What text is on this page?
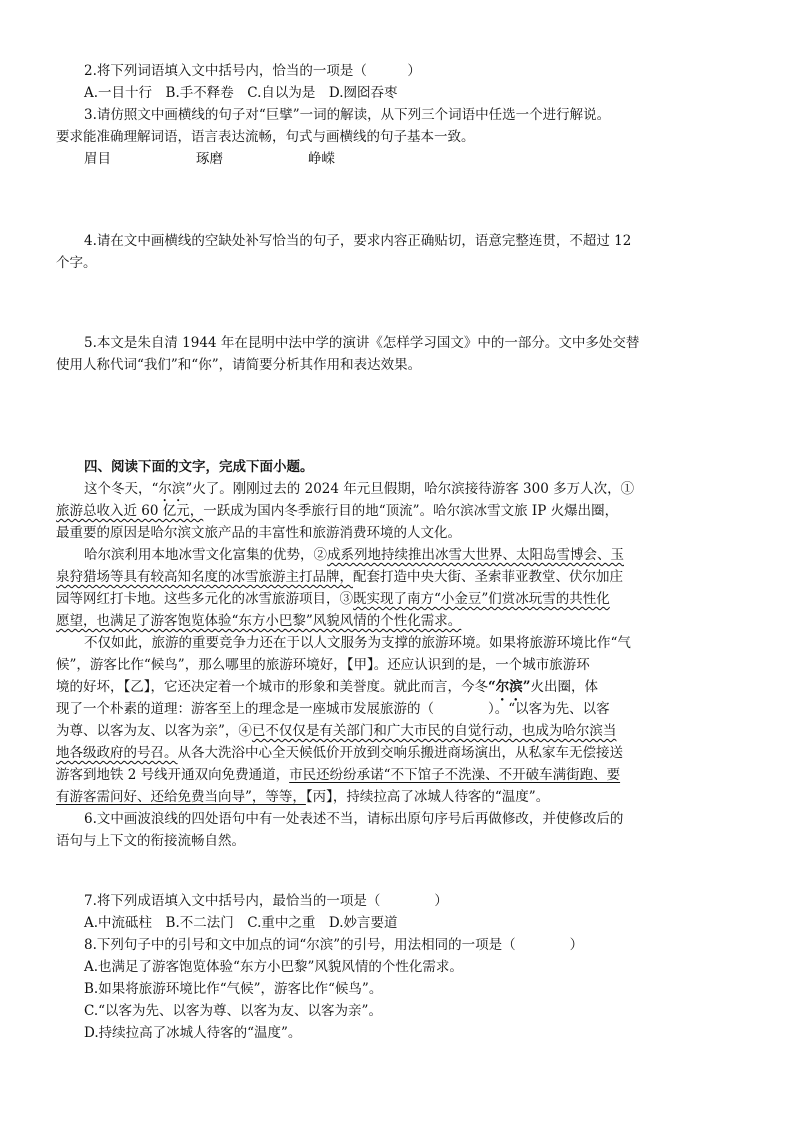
2.将下列词语填入文中括号内，恰当的一项是（　　　）
A.一目十行　B.手不释卷　C.自以为是　D.囫囵吞枣
3.请仿照文中画横线的句子对“巨擘”一词的解读，从下列三个词语中任选一个进行解说。
要求能准确理解词语，语言表达流畅，句式与画横线的句子基本一致。
眉目	琢磨	峥嵘
4.请在文中画横线的空缺处补写恰当的句子，要求内容正确贴切，语意完整连贯，不超过 12
个字。
5.本文是朱自清 1944 年在昆明中法中学的演讲《怎样学习国文》中的一部分。文中多处交替
使用人称代词“我们”和“你”，请简要分析其作用和表达效果。
四、阅读下面的文字，完成下面小题。
这个冬天，“尔滨”火了。刚刚过去的 2024 年元旦假期，哈尔滨接待游客 300 多万人次，①
旅游总收入近 60 亿元，一跃成为国内冬季旅行目的地“顶流”。哈尔滨冰雪文旅 IP 火爆出圈，
最重要的原因是哈尔滨文旅产品的丰富性和旅游消费环境的人文化。
哈尔滨利用本地冰雪文化富集的优势，②成系列地持续推出冰雪大世界、太阳岛雪博会、玉
泉狩猎场等具有较高知名度的冰雪旅游主打品牌，配套打造中央大街、圣索菲亚教堂、伏尔加庄
园等网红打卡地。这些多元化的冰雪旅游项目，③既实现了南方“小金豆”们赏冰玩雪的共性化
愿望，也满足了游客饱览体验“东方小巴黎”风貌风情的个性化需求。
不仅如此，旅游的重要竞争力还在于以人文服务为支撑的旅游环境。如果将旅游环境比作“气
候”，游客比作“候鸟”，那么哪里的旅游环境好，【甲】。还应认识到的是，一个城市旅游环
境的好坏，【乙】，它还决定着一个城市的形象和美誉度。就此而言，今冬“尔滨”火出圈，体
现了一个朴素的道理：游客至上的理念是一座城市发展旅游的（　　　　）。“以客为先、以客
为尊、以客为友、以客为亲”，④已不仅仅是有关部门和广大市民的自觉行动，也成为哈尔滨当
地各级政府的号召。从各大洗浴中心全天候低价开放到交响乐搬进商场演出，从私家车无偿接送
游客到地铁 2 号线开通双向免费通道，市民还纷纷承诺“不下馆子不洗澡、不开破车满街跑、要
有游客需问好、还给免费当向导”，等等，【丙】，持续拉高了冰城人待客的“温度”。
6.文中画波浪线的四处语句中有一处表述不当，请标出原句序号后再做修改，并使修改后的
语句与上下文的衔接流畅自然。
7.将下列成语填入文中括号内，最恰当的一项是（　　　　）
A.中流砥柱　B.不二法门　C.重中之重　D.妙言要道
8.下列句子中的引号和文中加点的词“尔滨”的引号，用法相同的一项是（　　　　）
A.也满足了游客饱览体验“东方小巴黎”风貌风情的个性化需求。
B.如果将旅游环境比作“气候”，游客比作“候鸟”。
C.“以客为先、以客为尊、以客为友、以客为亲”。
D.持续拉高了冰城人待客的“温度”。
